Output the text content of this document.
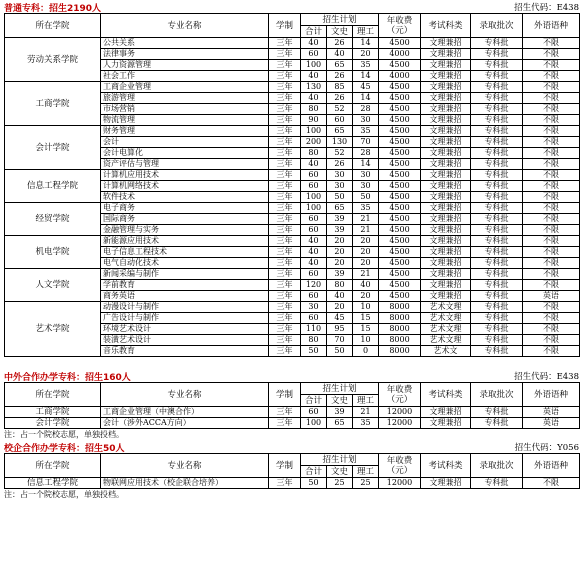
普通专科：招生2190人	招生代码：E438
所在学院	专业名称	学制	招生计划			年收费
（元）	考试科类	录取批次	外语语种
			合计	文史	理工				
劳动关系学院	公共关系	三年	40	26	14	4500	文理兼招	专科批	不限
	法律事务	三年	60	40	20	4000	文理兼招	专科批	不限
	人力资源管理	三年	100	65	35	4500	文理兼招	专科批	不限
	社会工作	三年	40	26	14	4000	文理兼招	专科批	不限
工商学院	工商企业管理	三年	130	85	45	4500	文理兼招	专科批	不限
	旅游管理	三年	40	26	14	4500	文理兼招	专科批	不限
	市场营销	三年	80	52	28	4500	文理兼招	专科批	不限
	物流管理	三年	90	60	30	4500	文理兼招	专科批	不限
会计学院	财务管理	三年	100	65	35	4500	文理兼招	专科批	不限
	会计	三年	200	130	70	4500	文理兼招	专科批	不限
	会计电算化	三年	80	52	28	4500	文理兼招	专科批	不限
	资产评估与管理	三年	40	26	14	4500	文理兼招	专科批	不限
信息工程学院	计算机应用技术	三年	60	30	30	4500	文理兼招	专科批	不限
	计算机网络技术	三年	60	30	30	4500	文理兼招	专科批	不限
	软件技术	三年	100	50	50	4500	文理兼招	专科批	不限
经贸学院	电子商务	三年	100	65	35	4500	文理兼招	专科批	不限
	国际商务	三年	60	39	21	4500	文理兼招	专科批	不限
	金融管理与实务	三年	60	39	21	4500	文理兼招	专科批	不限
机电学院	新能源应用技术	三年	40	20	20	4500	文理兼招	专科批	不限
	电子信息工程技术	三年	40	20	20	4500	文理兼招	专科批	不限
	电气自动化技术	三年	40	20	20	4500	文理兼招	专科批	不限
人文学院	新闻采编与制作	三年	60	39	21	4500	文理兼招	专科批	不限
	学前教育	三年	120	80	40	4500	文理兼招	专科批	不限
	商务英语	三年	60	40	20	4500	文理兼招	专科批	英语
艺术学院	动漫设计与制作	三年	30	20	10	8000	艺术文理	专科批	不限
	广告设计与制作	三年	60	45	15	8000	艺术文理	专科批	不限
	环境艺术设计	三年	110	95	15	8000	艺术文理	专科批	不限
	装潢艺术设计	三年	80	70	10	8000	艺术文理	专科批	不限
	音乐教育	三年	50	50	0	8000	艺术文	专科批	不限
中外合作办学专科：招生160人	招生代码：E438
所在学院	专业名称	学制	招生计划			年收费
（元）	考试科类	录取批次	外语语种
			合计	文史	理工				
工商学院	工商企业管理（中澳合作）	三年	60	39	21	12000	文理兼招	专科批	英语
会计学院	会计（涉外ACCA方向）	三年	100	65	35	12000	文理兼招	专科批	英语
注：占一个院校志愿，单独投档。
校企合作办学专科：招生50人	招生代码：Y056
所在学院	专业名称	学制	招生计划			年收费
（元）	考试科类	录取批次	外语语种
			合计	文史	理工				
信息工程学院	物联网应用技术（校企联合培养）	三年	50	25	25	12000	文理兼招	专科批	不限
注：占一个院校志愿，单独投档。
